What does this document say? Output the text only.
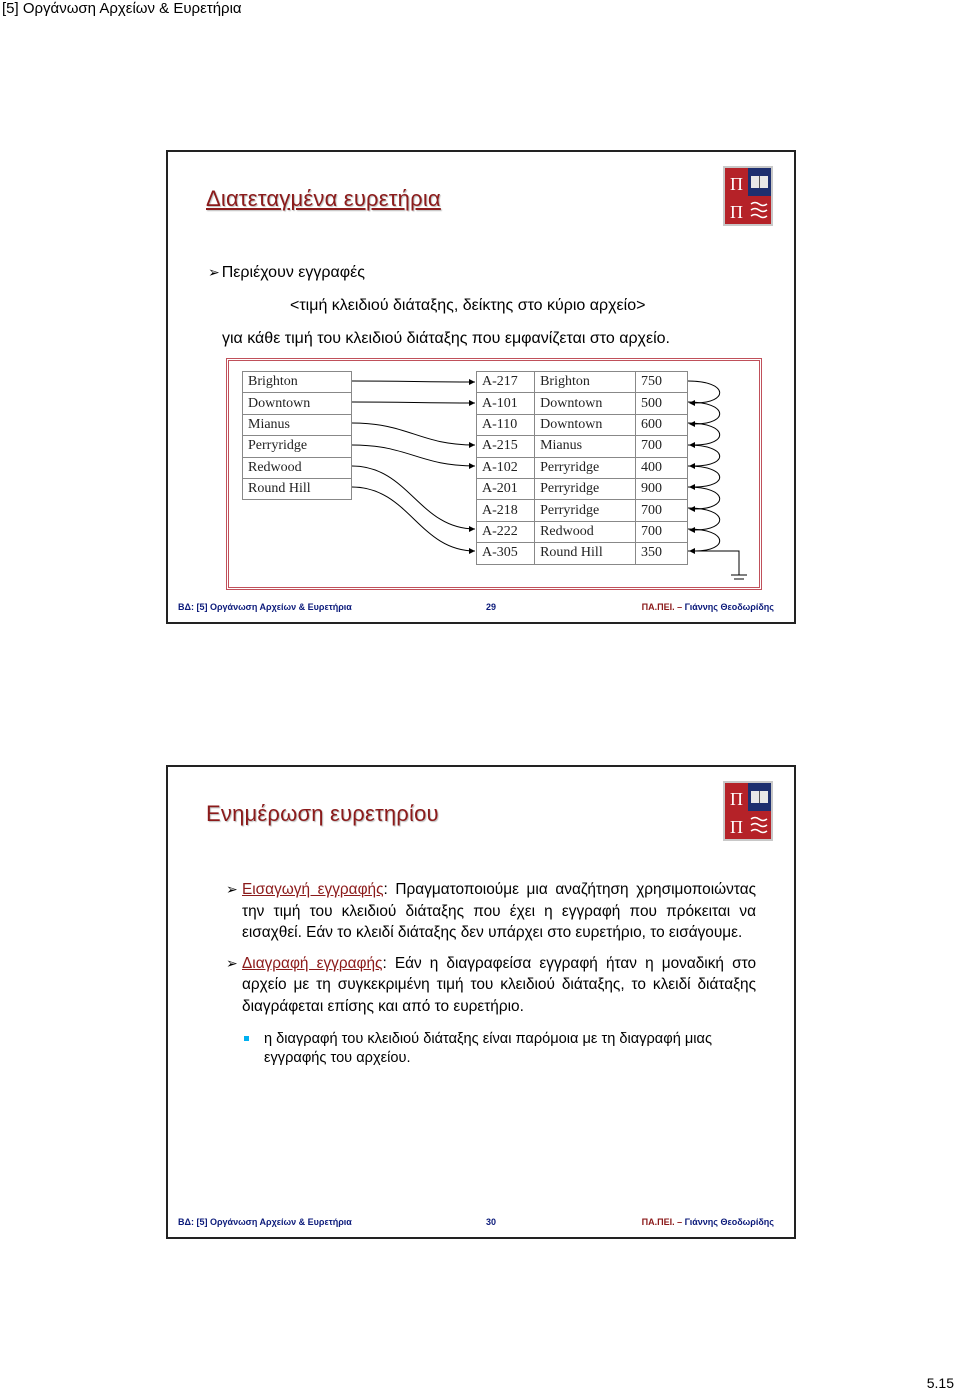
[5] Οργάνωση Αρχείων & Ευρετήρια
Διατεταγμένα ευρετήρια
Π
Π
➢ Περιέχουν εγγραφές
<τιμή κλειδιού διάταξης, δείκτης στο κύριο αρχείο>
για κάθε τιμή του κλειδιού διάταξης που εμφανίζεται στο αρχείο.
Brighton
Downtown
Mianus
Perryridge
Redwood
Round Hill
A-217	Brighton	750
A-101	Downtown	500
A-110	Downtown	600
A-215	Mianus	700
A-102	Perryridge	400
A-201	Perryridge	900
A-218	Perryridge	700
A-222	Redwood	700
A-305	Round Hill	350
ΒΔ: [5] Οργάνωση Αρχείων & Ευρετήρια	29	ΠΑ.ΠΕΙ. – Γιάννης Θεοδωρίδης
Ενημέρωση ευρετηρίου
Π
Π
➢ Εισαγωγή εγγραφής: Πραγματοποιούμε μια αναζήτηση χρησιμοποιώντας την τιμή του κλειδιού διάταξης που έχει η εγγραφή που πρόκειται να εισαχθεί. Εάν το κλειδί διάταξης δεν υπάρχει στο ευρετήριο, το εισάγουμε.
➢ Διαγραφή εγγραφής: Εάν η διαγραφείσα εγγραφή ήταν η μοναδική στο αρχείο με τη συγκεκριμένη τιμή του κλειδιού διάταξης, το κλειδί διάταξης διαγράφεται επίσης και από το ευρετήριο.
η διαγραφή του κλειδιού διάταξης είναι παρόμοια με τη διαγραφή μιας εγγραφής του αρχείου.
ΒΔ: [5] Οργάνωση Αρχείων & Ευρετήρια	30	ΠΑ.ΠΕΙ. – Γιάννης Θεοδωρίδης
5.15
